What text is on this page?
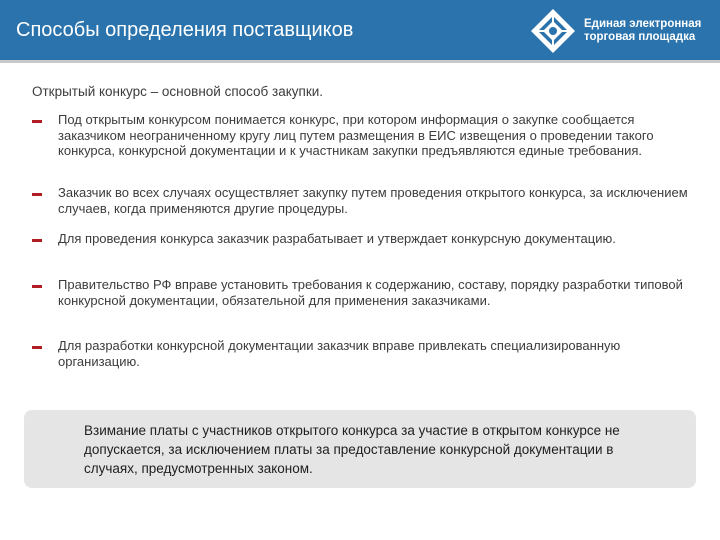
Способы определения поставщиков	Единая электронная
торговая площадка
Открытый конкурс – основной способ закупки.
Под открытым конкурсом понимается конкурс, при котором информация о закупке сообщается заказчиком неограниченному кругу лиц путем размещения в ЕИС извещения о проведении такого конкурса, конкурсной документации и к участникам закупки предъявляются единые требования.
Заказчик во всех случаях осуществляет закупку путем проведения открытого конкурса, за исключением случаев, когда применяются другие процедуры.
Для проведения конкурса заказчик разрабатывает и утверждает конкурсную документацию.
Правительство РФ вправе установить требования к содержанию, составу, порядку разработки типовой конкурсной документации, обязательной для применения заказчиками.
Для разработки конкурсной документации заказчик вправе привлекать специализированную организацию.
Взимание платы с участников открытого конкурса за участие в открытом конкурсе не допускается, за исключением платы за предоставление конкурсной документации в случаях, предусмотренных законом.
